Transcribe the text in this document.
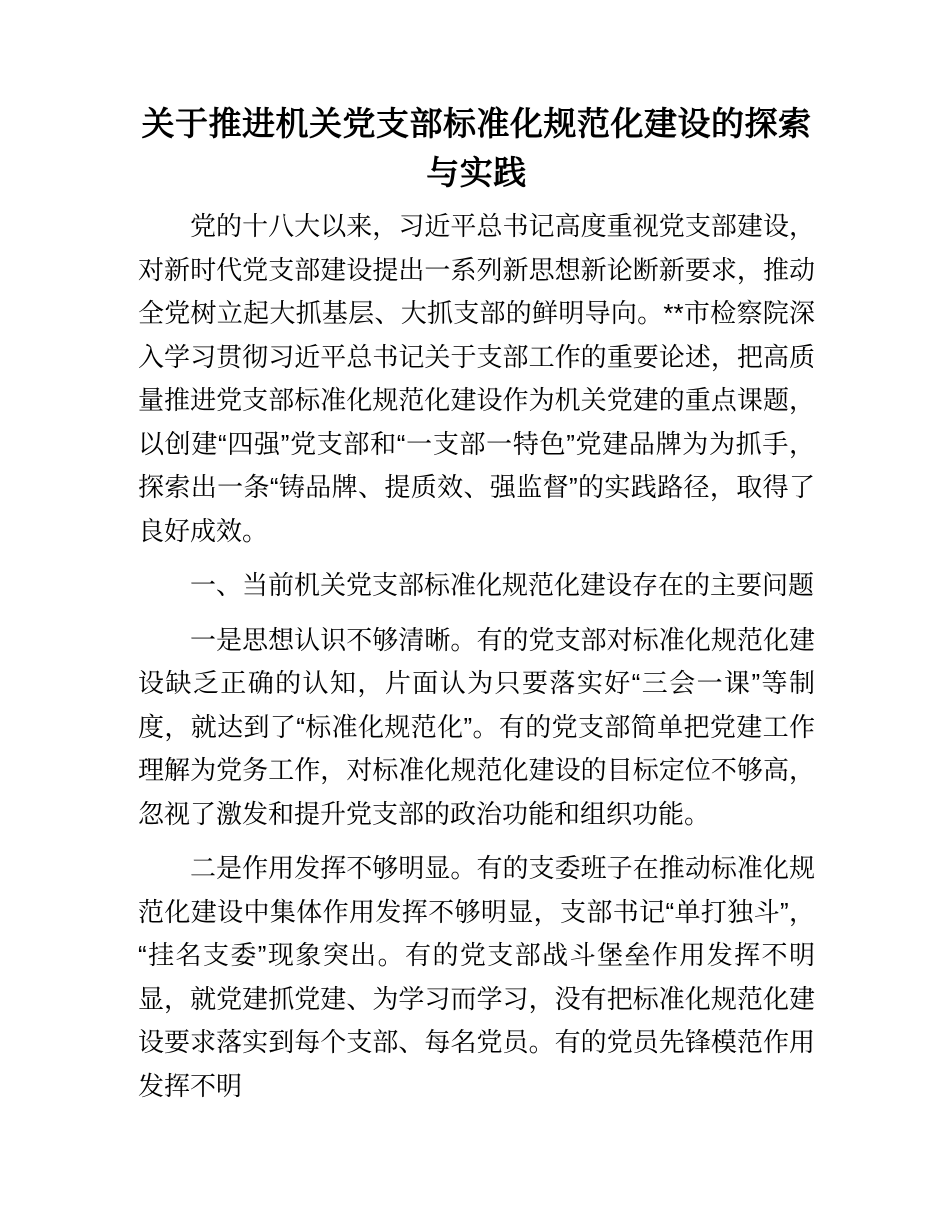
关于推进机关党支部标准化规范化建设的探索与实践

党的十八大以来，习近平总书记高度重视党支部建设，对新时代党支部建设提出一系列新思想新论断新要求，推动全党树立起大抓基层、大抓支部的鲜明导向。**市检察院深入学习贯彻习近平总书记关于支部工作的重要论述，把高质量推进党支部标准化规范化建设作为机关党建的重点课题，以创建“四强”党支部和“一支部一特色”党建品牌为为抓手，探索出一条“铸品牌、提质效、强监督”的实践路径，取得了良好成效。

一、当前机关党支部标准化规范化建设存在的主要问题

一是思想认识不够清晰。有的党支部对标准化规范化建设缺乏正确的认知，片面认为只要落实好“三会一课”等制度，就达到了“标准化规范化”。有的党支部简单把党建工作理解为党务工作，对标准化规范化建设的目标定位不够高，忽视了激发和提升党支部的政治功能和组织功能。

二是作用发挥不够明显。有的支委班子在推动标准化规范化建设中集体作用发挥不够明显，支部书记“单打独斗”，“挂名支委”现象突出。有的党支部战斗堡垒作用发挥不明显，就党建抓党建、为学习而学习，没有把标准化规范化建设要求落实到每个支部、每名党员。有的党员先锋模范作用发挥不明
